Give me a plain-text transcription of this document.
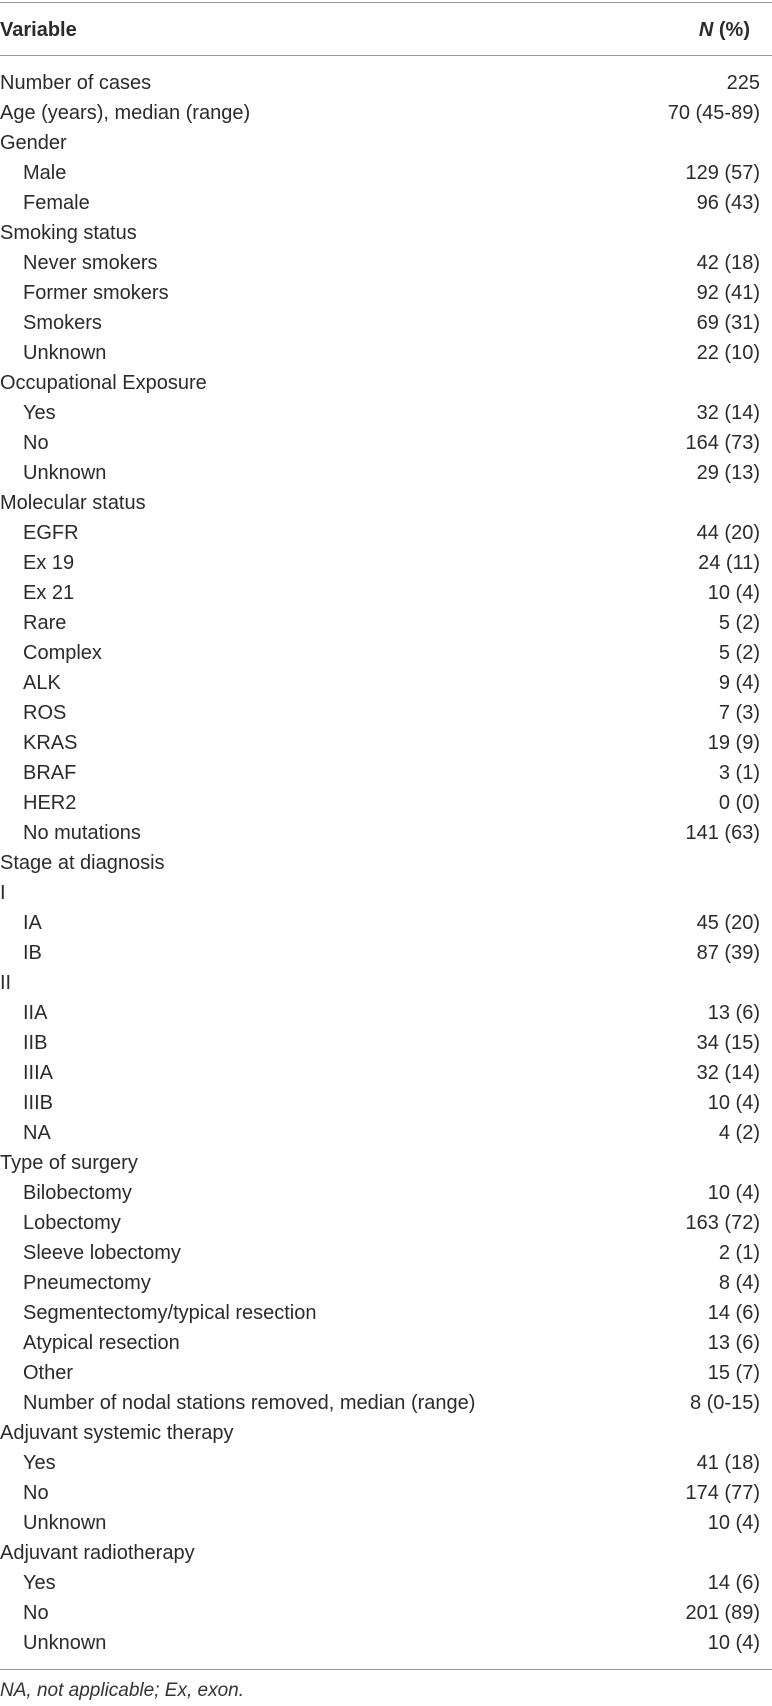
Variable	N (%)
Number of cases	225
Age (years), median (range)	70 (45-89)
Gender
Male	129 (57)
Female	96 (43)
Smoking status
Never smokers	42 (18)
Former smokers	92 (41)
Smokers	69 (31)
Unknown	22 (10)
Occupational Exposure
Yes	32 (14)
No	164 (73)
Unknown	29 (13)
Molecular status
EGFR	44 (20)
Ex 19	24 (11)
Ex 21	10 (4)
Rare	5 (2)
Complex	5 (2)
ALK	9 (4)
ROS	7 (3)
KRAS	19 (9)
BRAF	3 (1)
HER2	0 (0)
No mutations	141 (63)
Stage at diagnosis
I
IA	45 (20)
IB	87 (39)
II
IIA	13 (6)
IIB	34 (15)
IIIA	32 (14)
IIIB	10 (4)
NA	4 (2)
Type of surgery
Bilobectomy	10 (4)
Lobectomy	163 (72)
Sleeve lobectomy	2 (1)
Pneumectomy	8 (4)
Segmentectomy/typical resection	14 (6)
Atypical resection	13 (6)
Other	15 (7)
Number of nodal stations removed, median (range)	8 (0-15)
Adjuvant systemic therapy
Yes	41 (18)
No	174 (77)
Unknown	10 (4)
Adjuvant radiotherapy
Yes	14 (6)
No	201 (89)
Unknown	10 (4)
NA, not applicable; Ex, exon.
